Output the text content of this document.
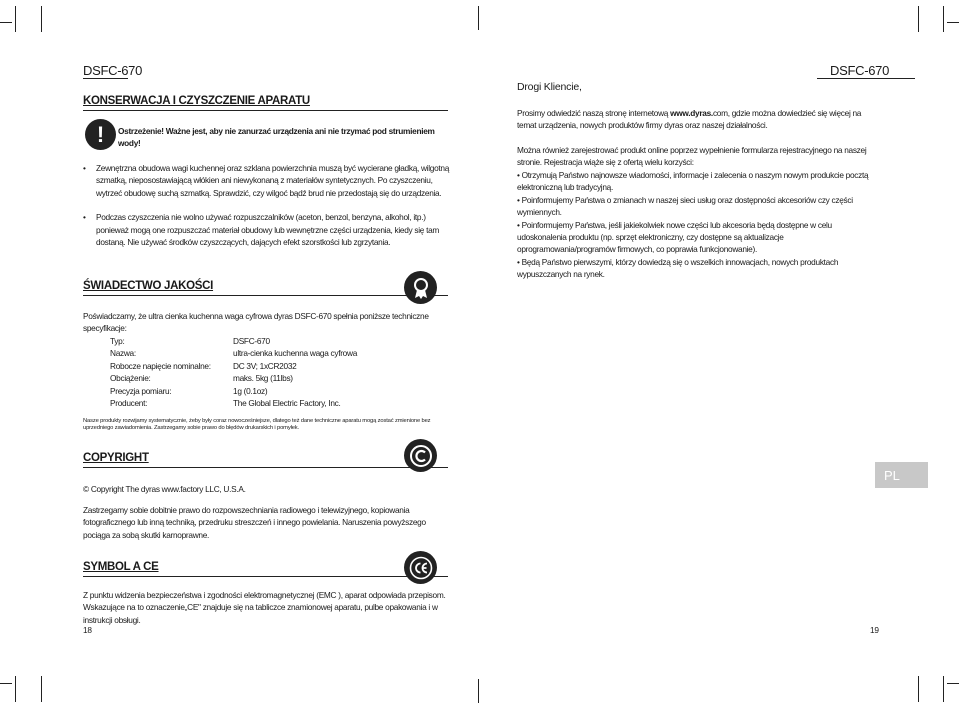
DSFC-670
KONSERWACJA I CZYSZCZENIE APARATU
!	Ostrzeżenie! Ważne jest, aby nie zanurzać urządzenia ani nie trzymać pod strumieniem wody!
• Zewnętrzna obudowa wagi kuchennej oraz szklana powierzchnia muszą być wycierane gładką, wilgotną szmatką, nieposostawiającą włókien ani niewykonaną z materiałów syntetycznych. Po czyszczeniu, wytrzeć obudowę suchą szmatką. Sprawdzić, czy wilgoć bądź brud nie przedostają się do urządzenia.
• Podczas czyszczenia nie wolno używać rozpuszczalników (aceton, benzol, benzyna, alkohol, itp.) ponieważ mogą one rozpuszczać materiał obudowy lub wewnętrzne części urządzenia, kiedy się tam dostaną. Nie używać środków czyszczących, dających efekt szorstkości lub zgrzytania.
ŚWIADECTWO JAKOŚCI
Poświadczamy, że ultra cienka kuchenna waga cyfrowa dyras DSFC-670 spełnia poniższe techniczne specyfikacje:
Typ:	DSFC-670
Nazwa:	ultra-cienka kuchenna waga cyfrowa
Robocze napięcie nominalne:	DC 3V; 1xCR2032
Obciążenie:	maks. 5kg (11lbs)
Precyzja pomiaru:	1g (0.1oz)
Producent:	The Global Electric Factory, Inc.
Nasze produkty rozwijamy systematycznie, żeby były coraz nowocześniejsze, dlatego też dane techniczne aparatu mogą zostać zmienione bez uprzedniego zawiadomienia. Zastrzegamy sobie prawo do błędów drukarskich i pomyłek.
COPYRIGHT
© Copyright The dyras www.factory LLC, U.S.A.
Zastrzegamy sobie dobitnie prawo do rozpowszechniania radiowego i telewizyjnego, kopiowania fotograficznego lub inną techniką, przedruku streszczeń i innego powielania. Naruszenia powyższego pociąga za sobą skutki karnoprawne.
SYMBOL A CE
Z punktu widzenia bezpieczeństwa i zgodności elektromagnetycznej (EMC ), aparat odpowiada przepisom. Wskazujące na to oznaczenie„CE" znajduje się na tabliczce znamionowej aparatu, pulbe opakowania i w instrukcji obsługi.
18
DSFC-670
Drogi Kliencie,
Prosimy odwiedzić naszą stronę internetową www.dyras.com, gdzie można dowiedzieć się więcej na temat urządzenia, nowych produktów firmy dyras oraz naszej działalności.
Można również zarejestrować produkt online poprzez wypełnienie formularza rejestracyjnego na naszej stronie. Rejestracja wiąże się z ofertą wielu korzyści:
• Otrzymują Państwo najnowsze wiadomości, informacje i zalecenia o naszym nowym produkcie pocztą elektroniczną lub tradycyjną.
• Poinformujemy Państwa o zmianach w naszej sieci usług oraz dostępności akcesoriów czy części wymiennych.
• Poinformujemy Państwa, jeśli jakiekolwiek nowe części lub akcesoria będą dostępne w celu udoskonalenia produktu (np. sprzęt elektroniczny, czy dostępne są aktualizacje oprogramowania/programów firmowych, co poprawia funkcjonowanie).
• Będą Państwo pierwszymi, którzy dowiedzą się o wszelkich innowacjach, nowych produktach wypuszczanych na rynek.
PL
19
